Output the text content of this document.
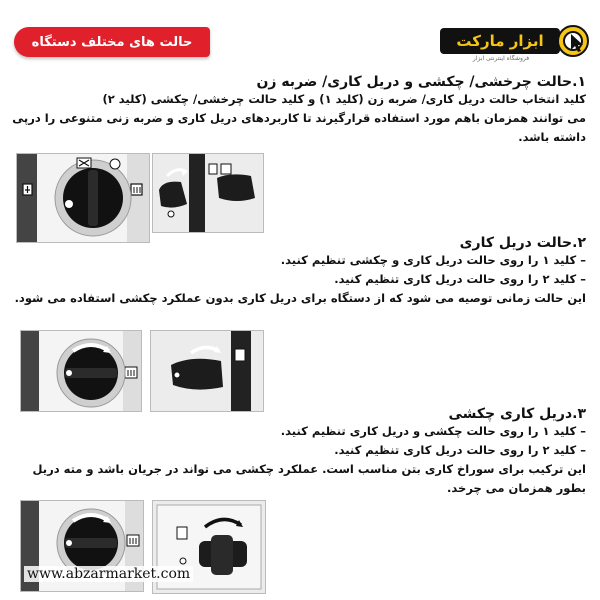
حالت های مختلف دستگاه	ابزار مارکت
فروشگاه اینترنتی ابزار
۱.حالت چرخشی/ چکشی و دریل کاری/ ضربه زن
کلید انتخاب حالت دریل کاری/ ضربه زن (کلید ۱) و کلید حالت چرخشی/ چکشی (کلید ۲)
می توانند همزمان باهم مورد استفاده قرارگیرند تا کاربردهای دریل کاری و ضربه زنی متنوعی را درپی
داشته باشد.
۲.حالت دریل کاری
– کلید ۱ را روی حالت دریل کاری و چکشی تنظیم کنید.
– کلید ۲ را روی حالت دریل کاری تنظیم کنید.
این حالت زمانی توصیه می شود که از دستگاه برای دریل کاری بدون عملکرد چکشی استفاده می شود.
۳.دریل کاری چکشی
– کلید ۱ را روی حالت چکشی و دریل کاری تنظیم کنید.
– کلید ۲ را روی حالت دریل کاری تنظیم کنید.
این ترکیب برای سوراخ کاری بتن مناسب است. عملکرد چکشی می تواند در جریان باشد و مته دریل
بطور همزمان می چرخد.
www.abzarmarket.com
